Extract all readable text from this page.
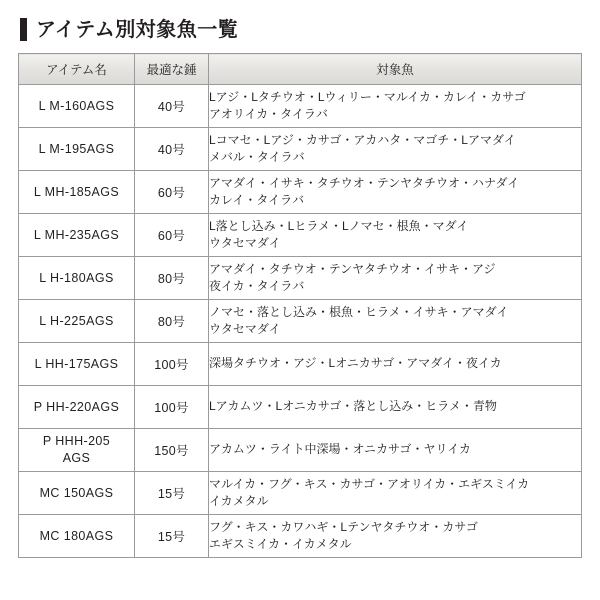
アイテム別対象魚一覧
アイテム名	最適な錘	対象魚
L M-160AGS	40号	Lアジ・Lタチウオ・Lウィリー・マルイカ・カレイ・カサゴ
アオリイカ・タイラバ

L M-195AGS	40号	Lコマセ・Lアジ・カサゴ・アカハタ・マゴチ・Lアマダイ
メバル・タイラバ

L MH-185AGS	60号	アマダイ・イサキ・タチウオ・テンヤタチウオ・ハナダイ
カレイ・タイラバ

L MH-235AGS	60号	L落とし込み・Lヒラメ・Lノマセ・根魚・マダイ
ウタセマダイ

L H-180AGS	80号	アマダイ・タチウオ・テンヤタチウオ・イサキ・アジ
夜イカ・タイラバ

L H-225AGS	80号	ノマセ・落とし込み・根魚・ヒラメ・イサキ・アマダイ
ウタセマダイ

L HH-175AGS	100号	深場タチウオ・アジ・Lオニカサゴ・アマダイ・夜イカ

P HH-220AGS	100号	Lアカムツ・Lオニカサゴ・落とし込み・ヒラメ・青物

P HHH-205
AGS	150号	アカムツ・ライト中深場・オニカサゴ・ヤリイカ

MC 150AGS	15号	マルイカ・フグ・キス・カサゴ・アオリイカ・エギスミイカ
イカメタル

MC 180AGS	15号	フグ・キス・カワハギ・Lテンヤタチウオ・カサゴ
エギスミイカ・イカメタル
